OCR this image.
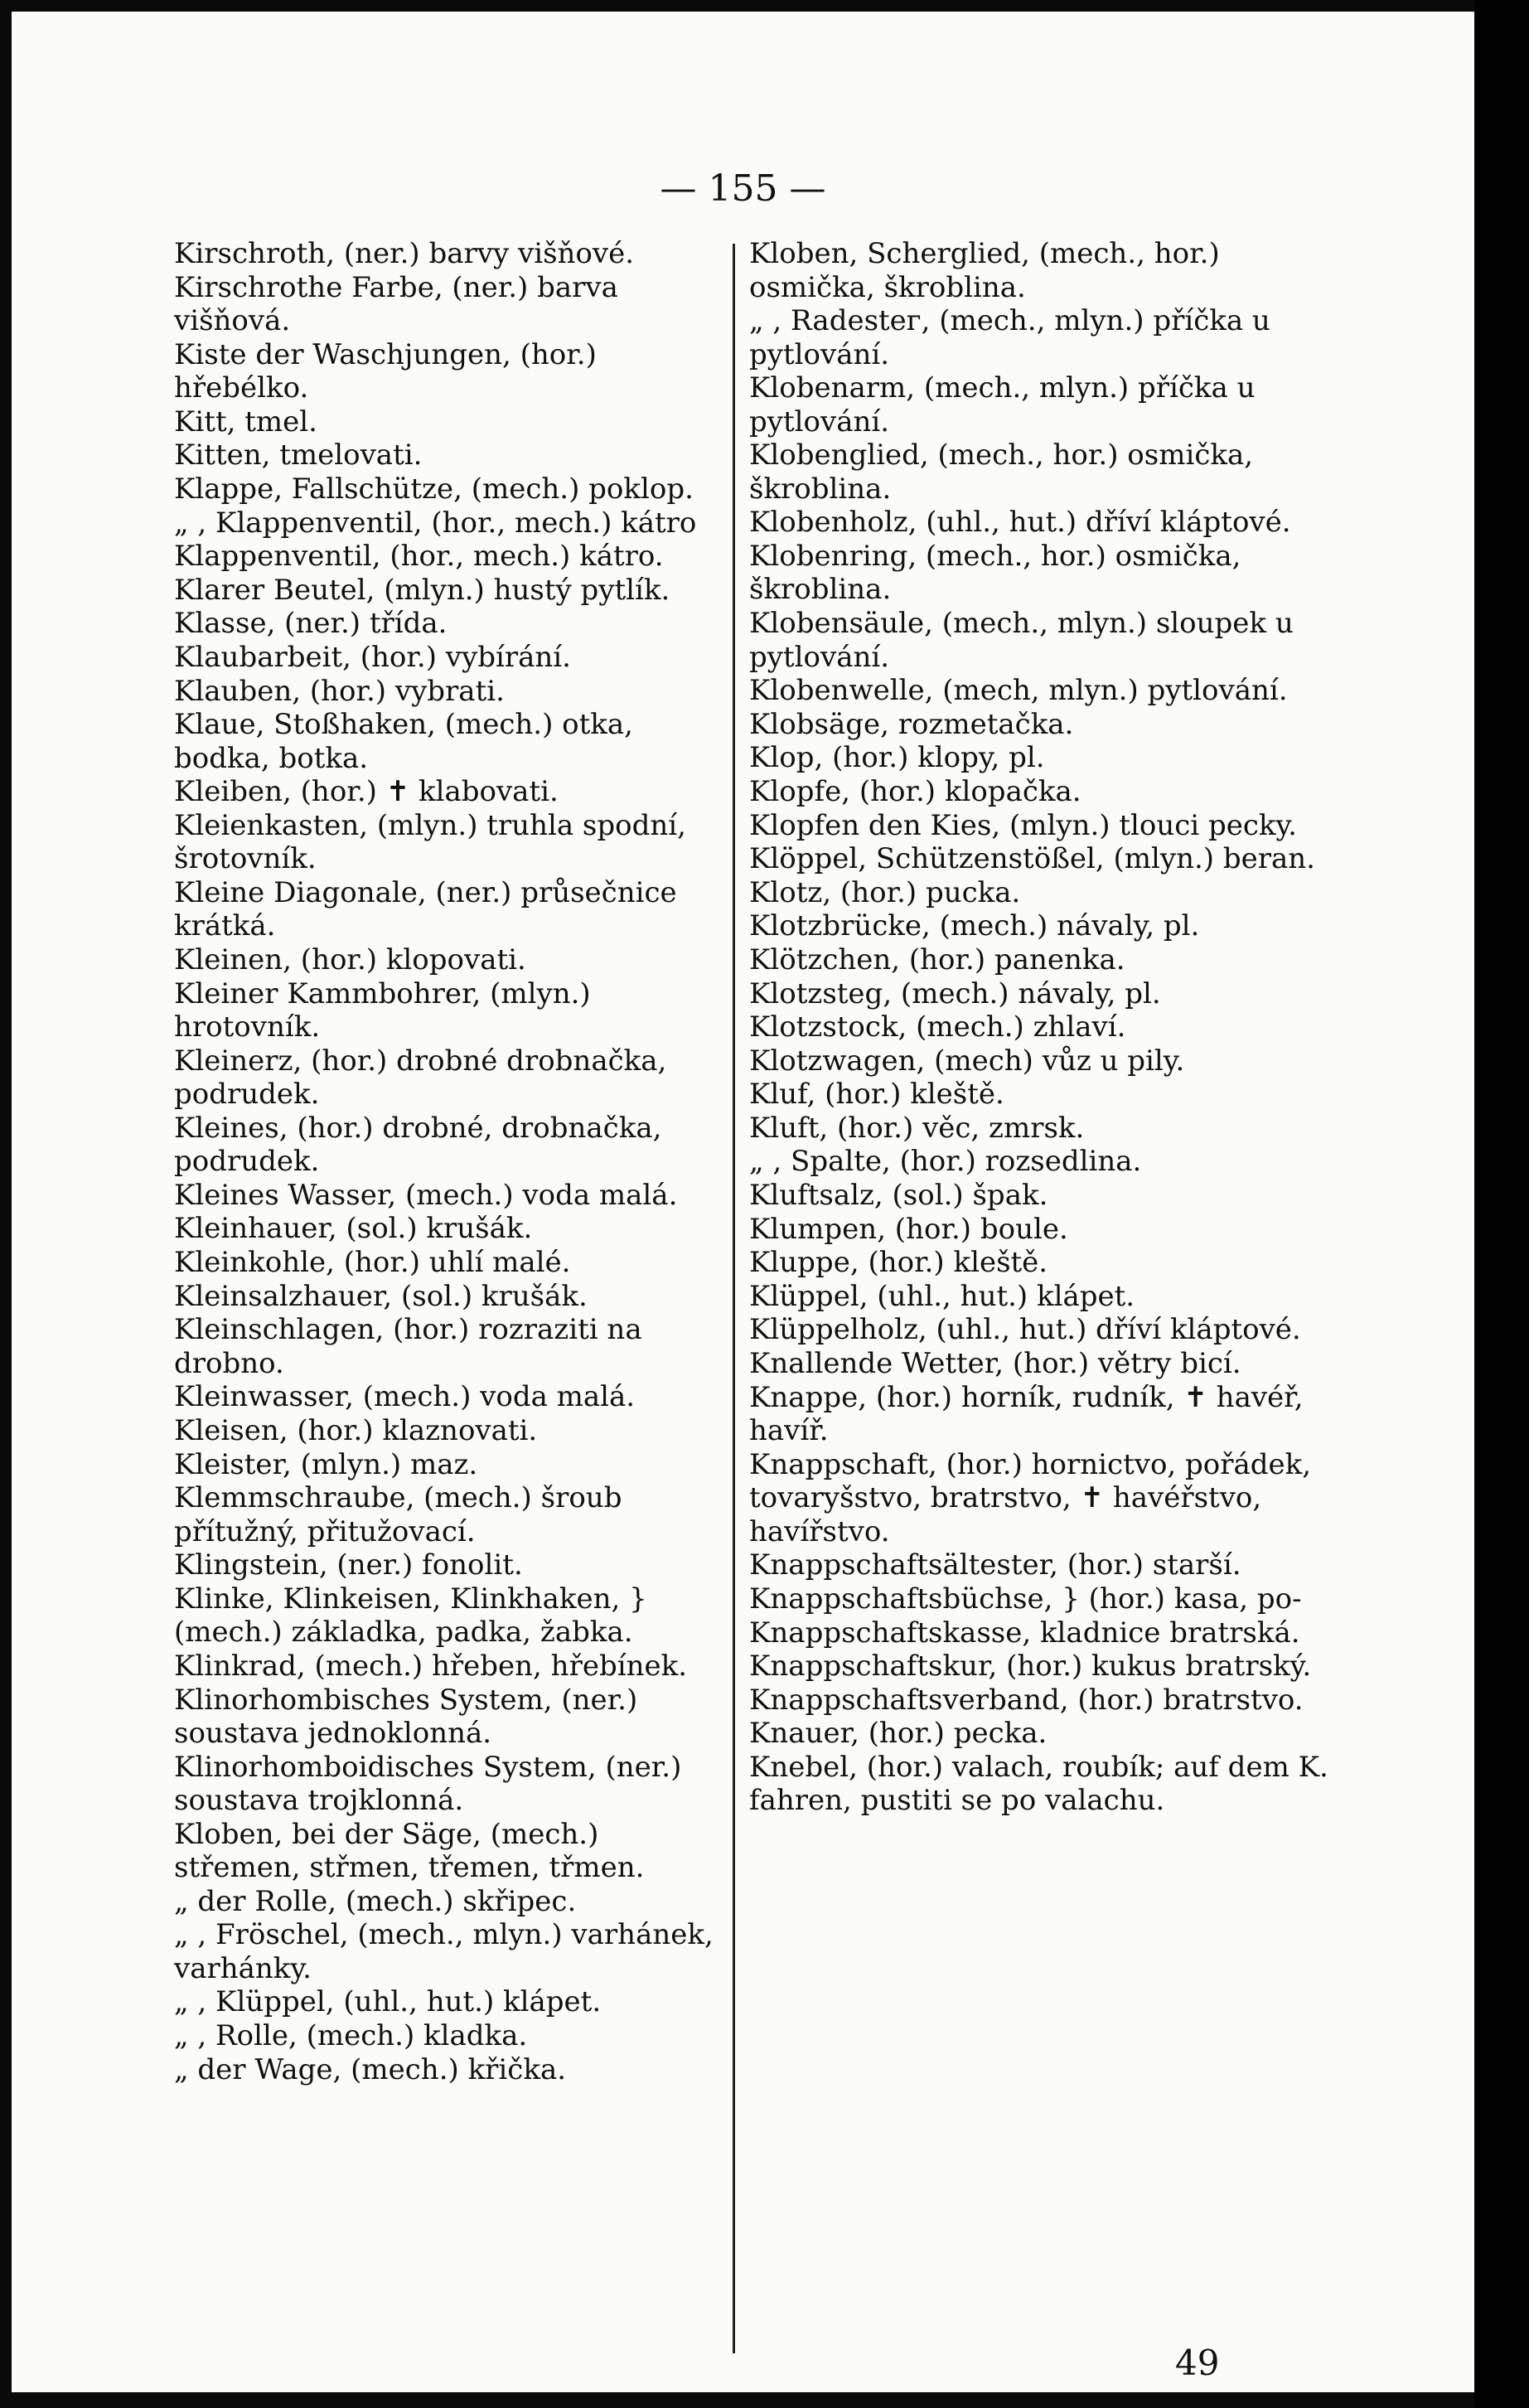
— 155 —
Kirschroth, (ner.) barvy višňové.
Kirschrothe Farbe, (ner.) barva višňová.
Kiste der Waschjungen, (hor.) hřebélko.
Kitt, tmel.
Kitten, tmelovati.
Klappe, Fallschütze, (mech.) poklop.
„ , Klappenventil, (hor., mech.) kátro
Klappenventil, (hor., mech.) kátro.
Klarer Beutel, (mlyn.) hustý pytlík.
Klasse, (ner.) třída.
Klaubarbeit, (hor.) vybírání.
Klauben, (hor.) vybrati.
Klaue, Stoßhaken, (mech.) otka, bodka, botka.
Kleiben, (hor.) ✝ klabovati.
Kleienkasten, (mlyn.) truhla spodní, šrotovník.
Kleine Diagonale, (ner.) průsečnice krátká.
Kleinen, (hor.) klopovati.
Kleiner Kammbohrer, (mlyn.) hrotovník.
Kleinerz, (hor.) drobné drobnačka, podrudek.
Kleines, (hor.) drobné, drobnačka, podrudek.
Kleines Wasser, (mech.) voda malá.
Kleinhauer, (sol.) krušák.
Kleinkohle, (hor.) uhlí malé.
Kleinsalzhauer, (sol.) krušák.
Kleinschlagen, (hor.) rozraziti na drobno.
Kleinwasser, (mech.) voda malá.
Kleisen, (hor.) klaznovati.
Kleister, (mlyn.) maz.
Klemmschraube, (mech.) šroub přítužný, přitužovací.
Klingstein, (ner.) fonolit.
Klinke, Klinkeisen, Klinkhaken, } (mech.) základka, padka, žabka.
Klinkrad, (mech.) hřeben, hřebínek.
Klinorhombisches System, (ner.) soustava jednoklonná.
Klinorhomboidisches System, (ner.) soustava trojklonná.
Kloben, bei der Säge, (mech.) střemen, střmen, třemen, třmen.
„ der Rolle, (mech.) skřipec.
„ , Fröschel, (mech., mlyn.) varhánek, varhánky.
„ , Klüppel, (uhl., hut.) klápet.
„ , Rolle, (mech.) kladka.
„ der Wage, (mech.) křička.
Kloben, Scherglied, (mech., hor.) osmička, škroblina.
„ , Radestег, (mech., mlyn.) příčka u pytlování.
Klobenarm, (mech., mlyn.) příčka u pytlování.
Klobenglied, (mech., hor.) osmička, škroblina.
Klobenholz, (uhl., hut.) dříví kláptové.
Klobenring, (mech., hor.) osmička, škroblina.
Klobensäule, (mech., mlyn.) sloupek u pytlování.
Klobenwelle, (mech, mlyn.) pytlování.
Klobsäge, rozmetačka.
Klop, (hor.) klopy, pl.
Klopfe, (hor.) klopačka.
Klopfen den Kies, (mlyn.) tlouci pecky.
Klöppel, Schützenstößel, (mlyn.) beran.
Klotz, (hor.) pucka.
Klotzbrücke, (mech.) návaly, pl.
Klötzchen, (hor.) panenka.
Klotzsteg, (mech.) návaly, pl.
Klotzstock, (mech.) zhlaví.
Klotzwagen, (mech) vůz u pily.
Kluf, (hor.) kleště.
Kluft, (hor.) věc, zmrsk.
„ , Spalte, (hor.) rozsedlina.
Kluftsalz, (sol.) špak.
Klumpen, (hor.) boule.
Kluppe, (hor.) kleště.
Klüppel, (uhl., hut.) klápet.
Klüppelholz, (uhl., hut.) dříví kláptové.
Knallende Wetter, (hor.) větry bicí.
Knappe, (hor.) horník, rudník, ✝ havéř, havíř.
Knappschaft, (hor.) hornictvo, pořádek, tovaryšstvo, bratrstvo, ✝ havéřstvo, havířstvo.
Knappschaftsältester, (hor.) starší.
Knappschaftsbüchse, } (hor.) kasa, po-
Knappschaftskasse, kladnice bratrská.
Knappschaftskur, (hor.) kukus bratrský.
Knappschaftsverband, (hor.) bratrstvo.
Knauer, (hor.) pecka.
Knebel, (hor.) valach, roubík; auf dem K. fahren, pustiti se po valachu.
49
